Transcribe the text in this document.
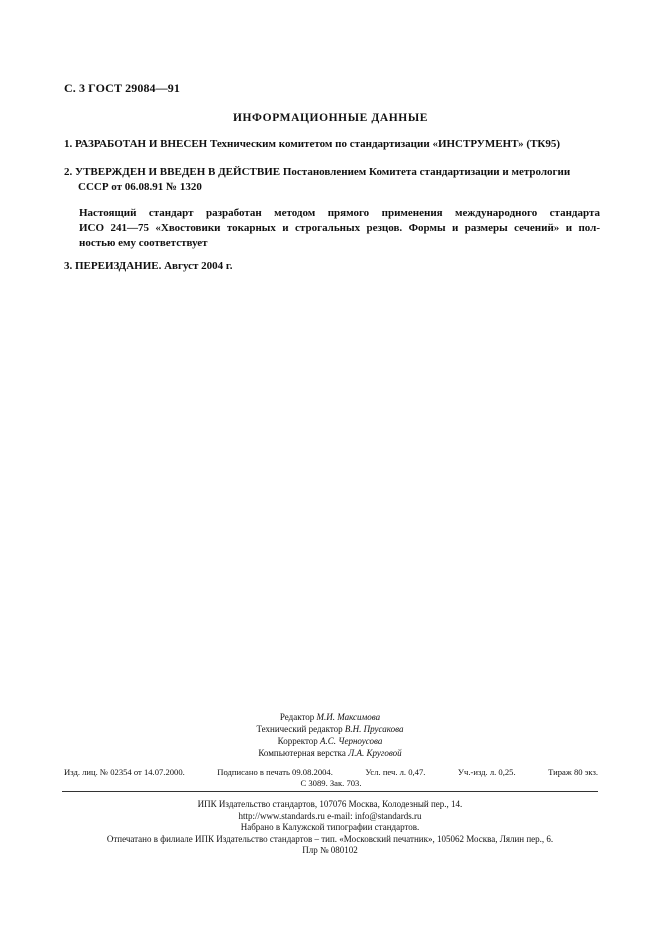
С. 3 ГОСТ 29084—91
ИНФОРМАЦИОННЫЕ ДАННЫЕ
1. РАЗРАБОТАН И ВНЕСЕН Техническим комитетом по стандартизации «ИНСТРУМЕНТ» (ТК95)
2. УТВЕРЖДЕН И ВВЕДЕН В ДЕЙСТВИЕ Постановлением Комитета стандартизации и метрологии
СССР от 06.08.91 № 1320
Настоящий стандарт разработан методом прямого применения международного стандарта
ИСО 241—75 «Хвостовики токарных и строгальных резцов. Формы и размеры сечений» и пол-
ностью ему соответствует
3. ПЕРЕИЗДАНИЕ. Август 2004 г.
Редактор М.И. Максимова
Технический редактор В.Н. Прусакова
Корректор А.С. Черноусова
Компьютерная верстка Л.А. Круговой
Изд. лиц. № 02354 от 14.07.2000.	Подписано в печать 09.08.2004.	Усл. печ. л. 0,47.	Уч.-изд. л. 0,25.	Тираж 80 экз.
С 3089. Зак. 703.
ИПК Издательство стандартов, 107076 Москва, Колодезный пер., 14.
http://www.standards.ru e-mail: info@standards.ru
Набрано в Калужской типографии стандартов.
Отпечатано в филиале ИПК Издательство стандартов – тип. «Московский печатник», 105062 Москва, Лялин пер., 6.
Плр № 080102
